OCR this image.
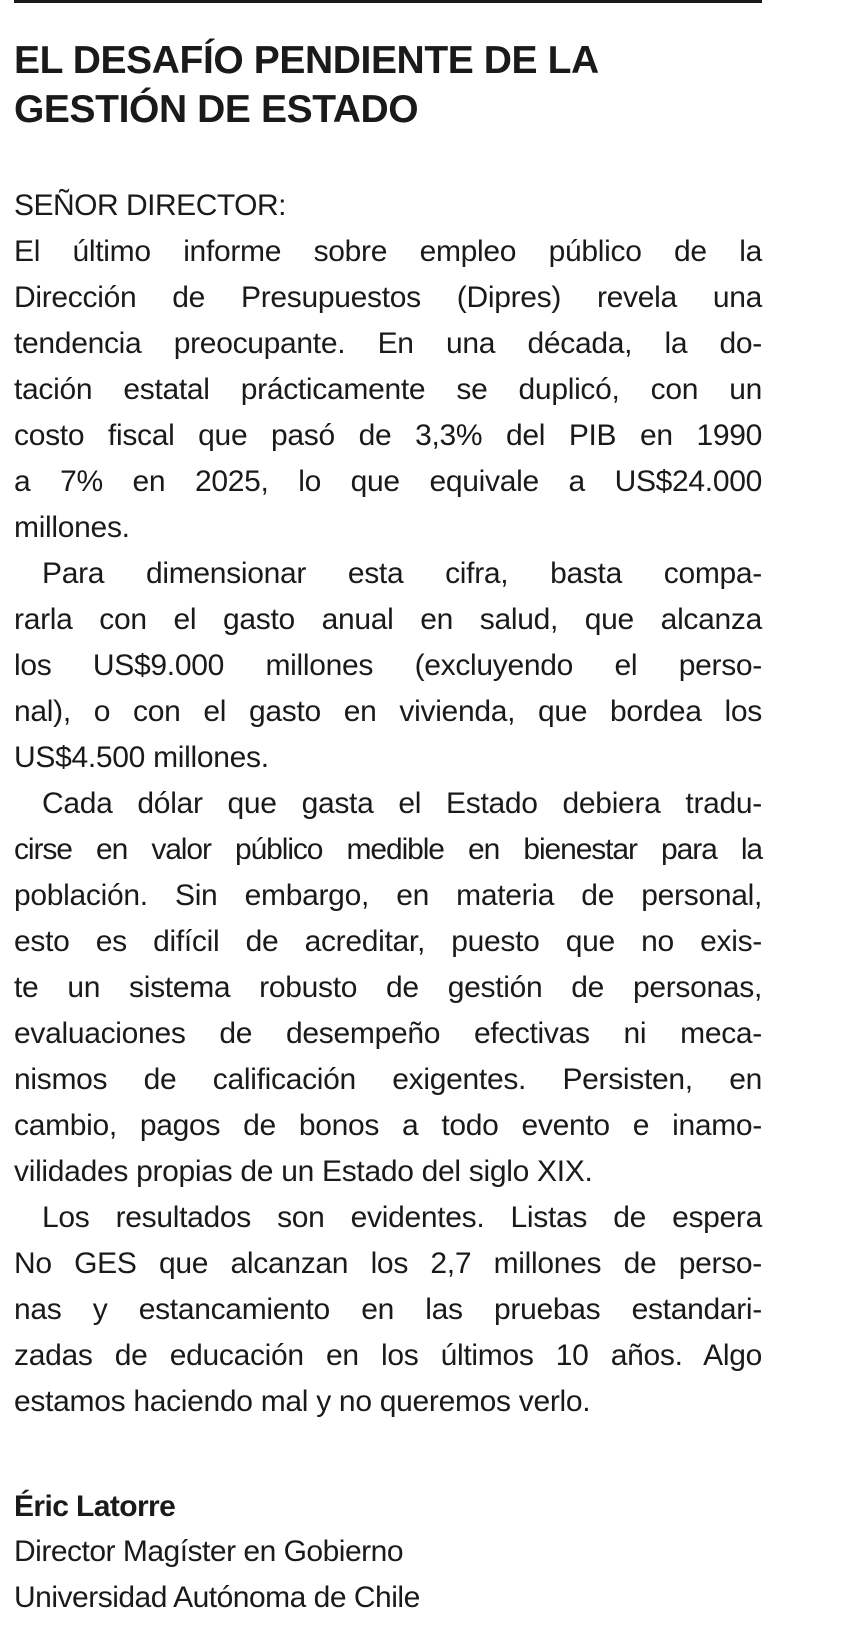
EL DESAFÍO PENDIENTE DE LA
GESTIÓN DE ESTADO

SEÑOR DIRECTOR:

El último informe sobre empleo público de la
Dirección de Presupuestos (Dipres) revela una
tendencia preocupante. En una década, la do-
tación estatal prácticamente se duplicó, con un
costo fiscal que pasó de 3,3% del PIB en 1990
a 7% en 2025, lo que equivale a US$24.000
millones.
Para dimensionar esta cifra, basta compa-
rarla con el gasto anual en salud, que alcanza
los US$9.000 millones (excluyendo el perso-
nal), o con el gasto en vivienda, que bordea los
US$4.500 millones.
Cada dólar que gasta el Estado debiera tradu-
cirse en valor público medible en bienestar para la
población. Sin embargo, en materia de personal,
esto es difícil de acreditar, puesto que no exis-
te un sistema robusto de gestión de personas,
evaluaciones de desempeño efectivas ni meca-
nismos de calificación exigentes. Persisten, en
cambio, pagos de bonos a todo evento e inamo-
vilidades propias de un Estado del siglo XIX.
Los resultados son evidentes. Listas de espera
No GES que alcanzan los 2,7 millones de perso-
nas y estancamiento en las pruebas estandari-
zadas de educación en los últimos 10 años. Algo
estamos haciendo mal y no queremos verlo.
Éric Latorre
Director Magíster en Gobierno
Universidad Autónoma de Chile
